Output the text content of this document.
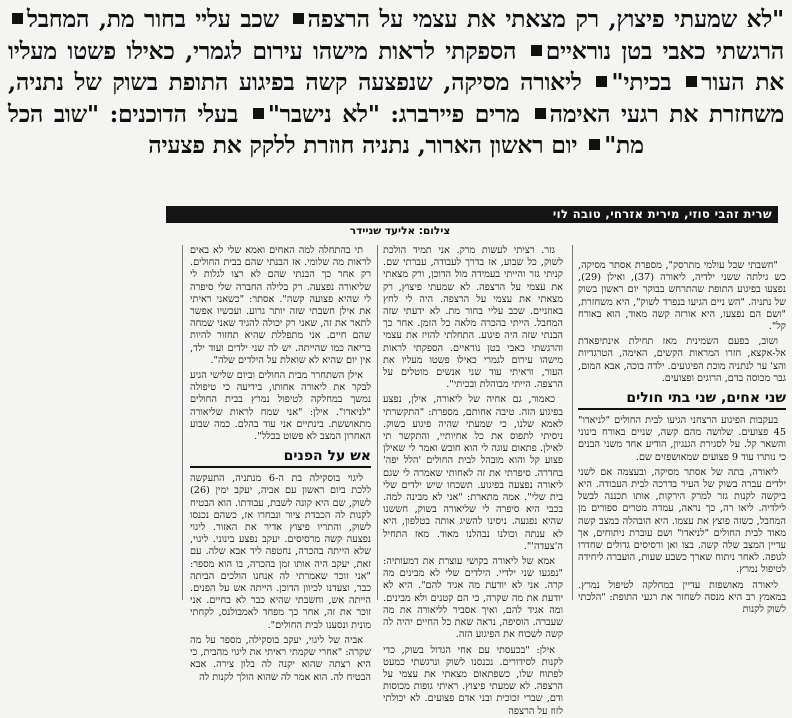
"לא שמעתי פיצוץ, רק מצאתי את עצמי על הרצפה שכב עליי בחור מת, המחבל הרגשתי כאבי בטן נוראיים הספקתי לראות מישהו עירום לגמרי, כאילו פשטו מעליו את העור בכיתי" ליאורה מסיקה, שנפצעה קשה בפיגוע התופת בשוק של נתניה, משחזרת את רגעי האימה מרים פיירברג: "לא נישבר" בעלי הדוכנים: "שוב הכל מת" יום ראשון הארור, נתניה חוזרת ללקק את פצעיה
שרית זהבי סוזי, מירית אזרחי, טובה לוי
צילום: אליעד שניידר

"חשבתי שכל עולמי מתרסק", מספרת אסתר מסיקה, כש גילתה ששני ילדיה, ליאורה (37), ואילן (29), נפצעו בפיגוע התופת שהתרחש בבוקר יום ראשון בשוק של נתניה. "הש ניים הגיעו בנפרד לשוק", היא משחזרת, "ושם הם נפצעו, היא אורזה קשה מאוד, הוא באורח קל".

ושוב, בפעם השמינית מאז תחילת אינתיפאדת אל-אקצא, חזרו המראות הקשים, האימה, הטרגדיות והצ' ער לנתניה מוכת הפיגועים. ילדה בוכה, אבא המום, גבר מכוסה בדם, הרוגים ופצועים.

שני אחים, שני בתי חולים

בעקבות הפיגוע הרצחני הגיעו לבית החולים "לניאדו" 45 פצועים. שלושה מהם קשה, שניים באורח בינוני והשאר קל. על לסגירת הגנגיון, הודיע אחד משני הבנים כי נותרו עוד 9 פצועים שמאושפזים שם.

ליאורה, בתה של אסתר מסיקה, ובעצמה אם לשני ילדים עברה בשוק של העיר בדרכה לבית העבודה. היא ביקשה לקנות גזר למרק הירקות, אותו תכננה לבשל לילדיה. ליאו רה, כך נראה, עמדה מטרים ספורים מן המחבל, כשזה פוצץ את עצמו. היא הובהלה במצב קשה מאוד לבית החולים "לניאדו" ושם עוברת ניתוחים, אך עדיין המצב שלה קשה. בצו ואן ורסיסים גדולים שחדרו לגופה. לאחר ניתוח שארך כשבע שעות, הועברה ליחידה לטיפול נמרץ.

ליאורה מאושפזת עדיין במחלקה לטיפול נמרץ. במאמץ רב היא מנסה לשחזר את רגעי התופת: "הלכתי לשוק לקנות

גזר. רציתי לעשות מרק. אני תמיד הולכת לשוק, כל שבוע, אז בדרך לעבודה, עברתי שם. קניתי גזר והייתי בעמידה מול הדוכן, ורק מצאתי את עצמי על הרצפה. לא שמעתי פיצוץ, רק מצאתי את עצמי על הרצפה. היה לי לחץ באוזניים. שכב עליי בחור מת. לא ידעתי שזה המחבל. הייתי בהכרה מלאה כל הזמן. אחר כך הבנתי שזה היה פיגוע. התחלתי להזיז את עצמי והרגשתי כאבי בטן נוראיים. הספקתי לראות מישהו עירום לגמרי כאילו פשטו מעליו את העור, וראיתי עוד שני אנשים מוטלים על הרצפה. הייתי מבוהלת ובכיתי".

כאמור, גם אחיה של ליאורה, אילן, נפצע בפיגוע הזה. טיבה אחותם, מספרת: "התקשרתי לאמא שלנו, כי שמעתי שהיה פיגוע בשוק. ניסיתי לתפוס את כל אחיותיי, והתקשר תי לאילן. פתאום עוגה לי הוא חובש ואמר לי שאילן פצוע קל והוא מובהל לבית החולים 'הלל יפה' בחדרה. סיפרתי את זה לאחותי שאמרה לי שגם ליאורה נפצעה בפיגוע. תשכחו שיש ילדים שלי בית שלי". אמה מתארת: "אני לא מבינה למה. בכבי היא סיפרה לי שליאורה בשוק, חששנו שהיא נפגעה. ניסינו להשיג אותה בטלפון, היא לא ענתה וכולנו נבהלנו מאוד. מאז התחיל ה'צעדה'".

אמא של ליאורה בקושי עוצרת את דמעותיה: "נפגעו שני ילדיי. הילדים שלי לא מבינים מה קרה. אני לא יודעת מה אגיד להם". היא לא יודעת את מה שקרה, כי הם קטנים ולא מבינים. ומה אגיד להם, ואיך אסביר לליאורה את מה שעברה. הוסיפה, נראה שאת כל החיים יהיה לה קשה לשכוח את הפיגוע הזה.

אילן: "בכעסתי עם אחי הגדול בשוק, כדי לקנות לסידורים. נכנסנו לשוק ונרגשתי כמעט לפתוח שלו, כשפתאום מצאתי את עצמי על הרצפה. לא שמעתי פיצוץ. ראיתי גופות מכוסות ודם, שברי זכוכית ובני אדם פצועים. לא יכולתי לזוז על הרצפה

תי בהתחלה למה האחים ואמא שלי לא באים לראות מה שלומי. אז הבנתי שהם בבית החולים. רק אחר כך הבנתי שהם לא רצו לגלות לי שליאורה נפצעה. רק בלילה החברה שלי סיפרה לי שהיא פצועה קשה". אסתר: "כשאני ראיתי את אילן חשבתי שזה יותר גרוע. ועכשיו אפשר לתאר את זה, שאני רק יכולה להגיד שאני שמחה שהם חיים. אני מתפללת שהיא תחזור להיות בריאה כמו שהייתה. יש לה שני ילדים ועוד ילד, אין יום שהיא לא שואלת על הילדים שלה".

אילן השתחרר מבית החולים וביום שלישי הגיע לבקר את ליאורה אחותו, בידיעה כי טיפולה נמשך במחלקה לטיפול נמרץ בבית החולים "לניאדו". אילן: "אני שמח לראות שליאורה מתאוששת. בינתיים אני עוד בהלם. כמה שבוע האחרון המצב לא פשוט בכלל".

אש על הפנים

ליגוי בוסקילה בת ה-6 מנתניה, התעקשה ללכת ביום ראשון עם אביה, יעקב ימין (26) לשוק, שם היא קונה לשבת, עבודתו. הוא הבטיח לקנות לה הכבדת ציור ונבחרו אז, כשהם נכנסו לשוק, והתריו פיצוץ אדיר את האזור. ליגוי נפצעה קשה מרסיסים. יעקב נפצע בינוני. ליגוי, שלא הייתה בהכרה, נחטפה ליד אבא שלה. עם זאת, יעקב היה אותו זמן בהכרה, בו הוא מספר: "אני זוכר שאמרתי לה אנחנו הולכים הביתה כבר, וצעדנו לכיוון הדוכן. הייתה אש על הפנים. הייתה אש, וחשבתי שהיא כבר לא בחיים. אני זוכר את זה, אחר כך מפחד לאמבולנס, לקחתי מונית ונסענו לבית החולים".

אביה של ליגוי, יעקב בוסקילה, מספר על מה שקרה: "אחרי שקמתי ראיתי את ליגוי מהבית, כי היא רצתה שהוא יקנה לה בלון צירה. אבא הבטיח לה. הוא אמר לה שהוא הולך לקנות לה
